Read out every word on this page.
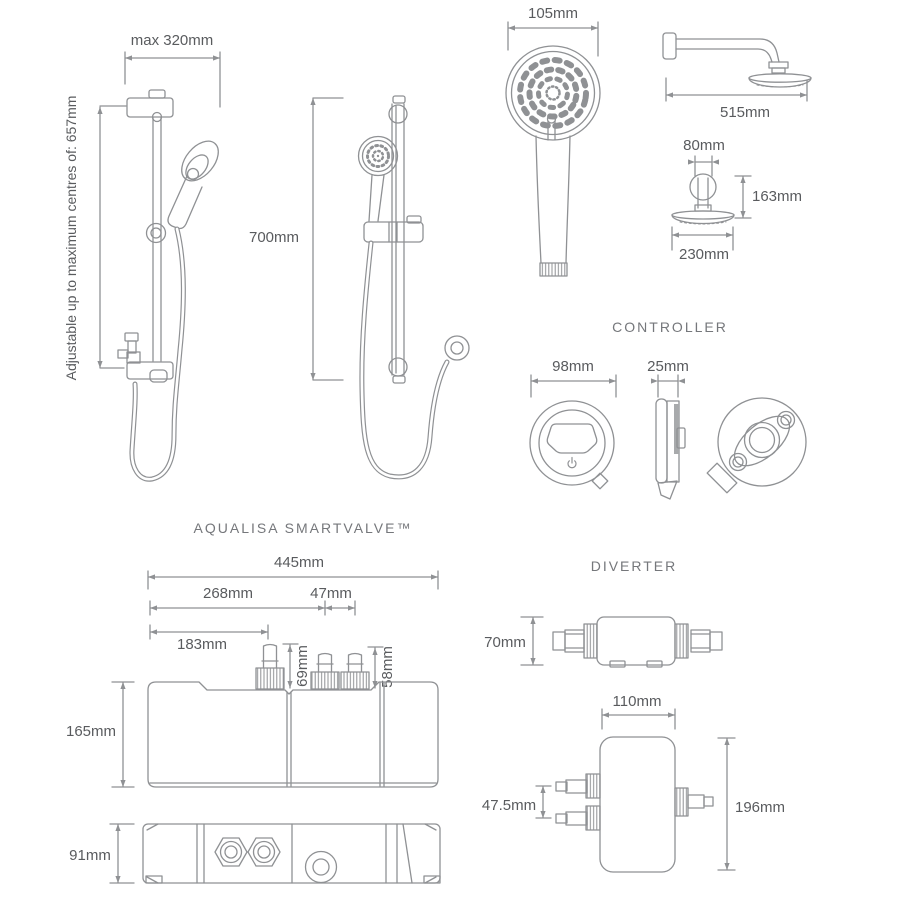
max 320mm
Adjustable up to maximum centres of: 657mm	700mm
105mm
515mm
80mm
163mm
230mm
CONTROLLER
98mm	25mm
AQUALISA SMARTVALVE™
445mm
268mm	47mm
183mm
69mm	58mm
165mm
91mm
DIVERTER
70mm
110mm
47.5mm	196mm
